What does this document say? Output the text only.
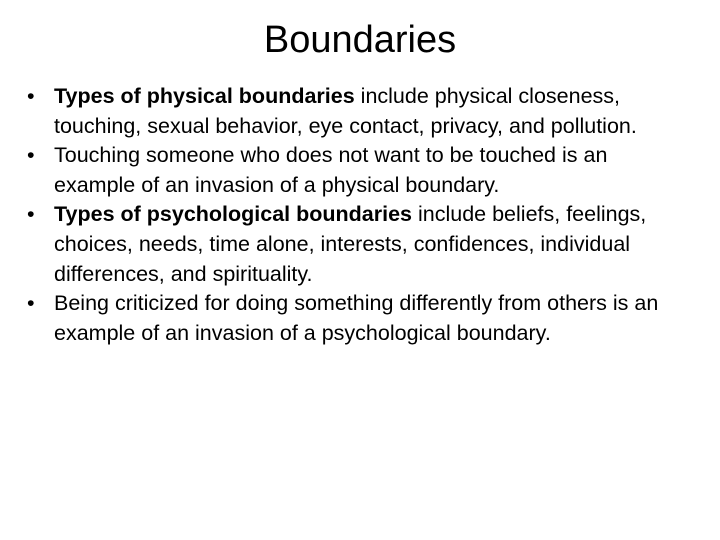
Boundaries
• Types of physical boundaries include physical closeness, touching, sexual behavior, eye contact, privacy, and pollution.
• Touching someone who does not want to be touched is an example of an invasion of a physical boundary.
• Types of psychological boundaries include beliefs, feelings, choices, needs, time alone, interests, confidences, individual differences, and spirituality.
• Being criticized for doing something differently from others is an example of an invasion of a psychological boundary.
